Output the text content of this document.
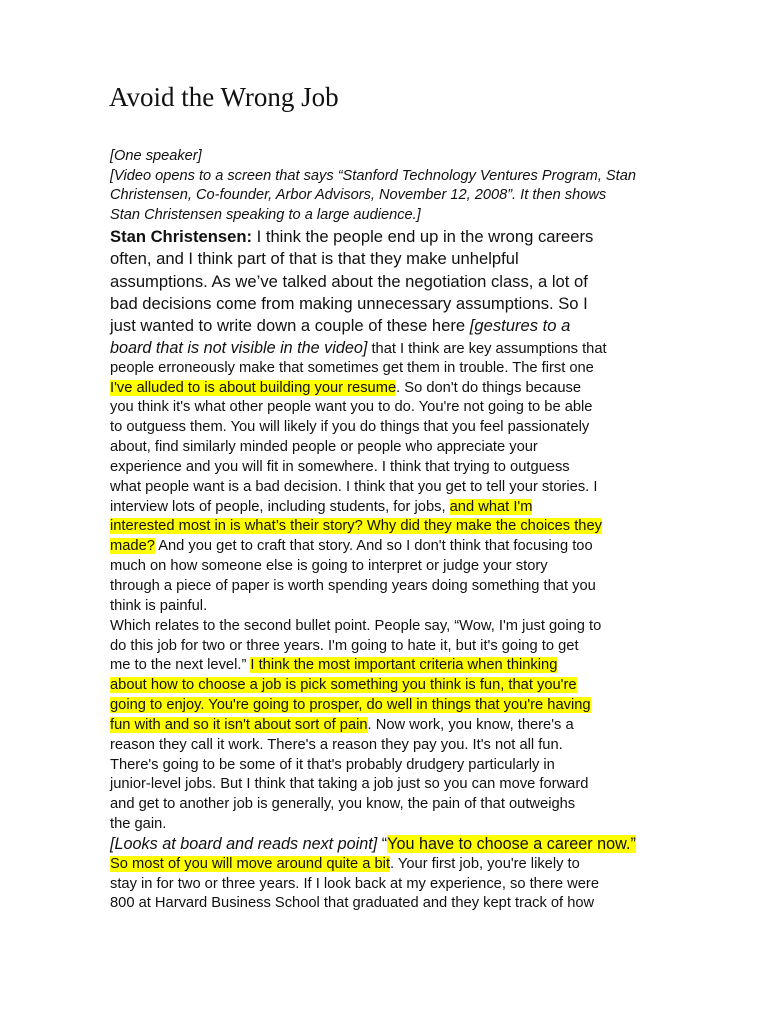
Avoid the Wrong Job
[One speaker]
[Video opens to a screen that says “Stanford Technology Ventures Program, Stan
Christensen, Co-founder, Arbor Advisors, November 12, 2008”. It then shows
Stan Christensen speaking to a large audience.]
Stan Christensen: I think the people end up in the wrong careers
often, and I think part of that is that they make unhelpful
assumptions. As we’ve talked about the negotiation class, a lot of
bad decisions come from making unnecessary assumptions. So I
just wanted to write down a couple of these here [gestures to a
board that is not visible in the video] that I think are key assumptions that
people erroneously make that sometimes get them in trouble. The first one
I've alluded to is about building your resume. So don't do things because
you think it's what other people want you to do. You're not going to be able
to outguess them. You will likely if you do things that you feel passionately
about, find similarly minded people or people who appreciate your
experience and you will fit in somewhere. I think that trying to outguess
what people want is a bad decision. I think that you get to tell your stories. I
interview lots of people, including students, for jobs, and what I'm
interested most in is what’s their story? Why did they make the choices they
made? And you get to craft that story. And so I don't think that focusing too
much on how someone else is going to interpret or judge your story
through a piece of paper is worth spending years doing something that you
think is painful.
Which relates to the second bullet point. People say, “Wow, I'm just going to
do this job for two or three years. I'm going to hate it, but it's going to get
me to the next level.” I think the most important criteria when thinking
about how to choose a job is pick something you think is fun, that you're
going to enjoy. You're going to prosper, do well in things that you're having
fun with and so it isn't about sort of pain. Now work, you know, there's a
reason they call it work. There's a reason they pay you. It's not all fun.
There's going to be some of it that's probably drudgery particularly in
junior-level jobs. But I think that taking a job just so you can move forward
and get to another job is generally, you know, the pain of that outweighs
the gain.
[Looks at board and reads next point] “You have to choose a career now.”
So most of you will move around quite a bit. Your first job, you're likely to
stay in for two or three years. If I look back at my experience, so there were
800 at Harvard Business School that graduated and they kept track of how
